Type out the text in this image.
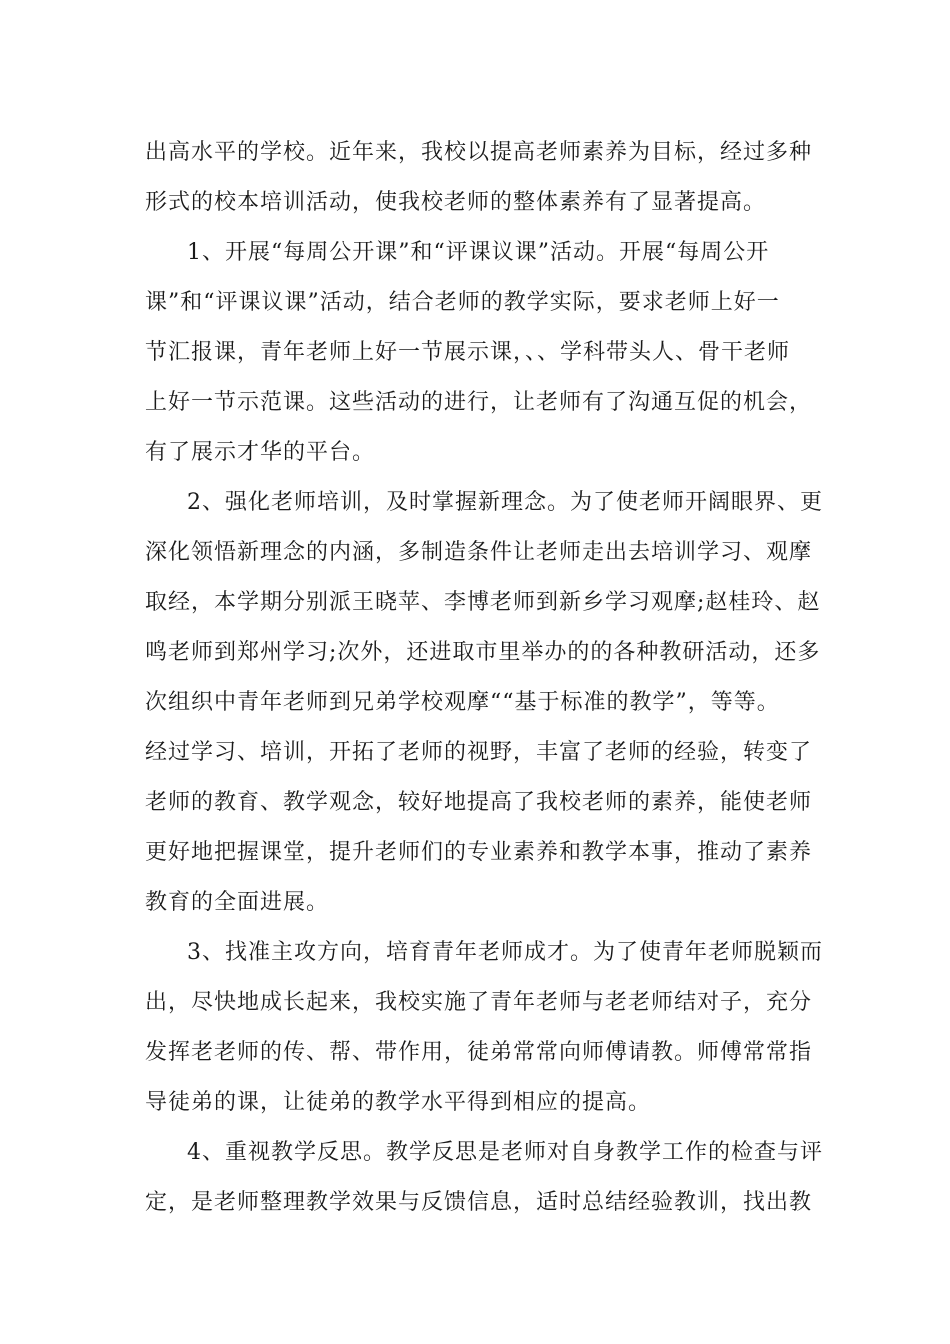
出高水平的学校。近年来，我校以提高老师素养为目标，经过多种
形式的校本培训活动，使我校老师的整体素养有了显著提高。
1、开展“每周公开课”和“评课议课”活动。开展“每周公开
课”和“评课议课”活动，结合老师的教学实际，要求老师上好一
节汇报课，青年老师上好一节展示课，、、学科带头人、骨干老师
上好一节示范课。这些活动的进行，让老师有了沟通互促的机会，
有了展示才华的平台。
2、强化老师培训，及时掌握新理念。为了使老师开阔眼界、更
深化领悟新理念的内涵，多制造条件让老师走出去培训学习、观摩
取经，本学期分别派王晓苹、李博老师到新乡学习观摩;赵桂玲、赵
鸣老师到郑州学习;次外，还进取市里举办的的各种教研活动，还多
次组织中青年老师到兄弟学校观摩““基于标准的教学”，等等。
经过学习、培训，开拓了老师的视野，丰富了老师的经验，转变了
老师的教育、教学观念，较好地提高了我校老师的素养，能使老师
更好地把握课堂，提升老师们的专业素养和教学本事，推动了素养
教育的全面进展。
3、找准主攻方向，培育青年老师成才。为了使青年老师脱颖而
出，尽快地成长起来，我校实施了青年老师与老老师结对子，充分
发挥老老师的传、帮、带作用，徒弟常常向师傅请教。师傅常常指
导徒弟的课，让徒弟的教学水平得到相应的提高。
4、重视教学反思。教学反思是老师对自身教学工作的检查与评
定，是老师整理教学效果与反馈信息，适时总结经验教训，找出教
